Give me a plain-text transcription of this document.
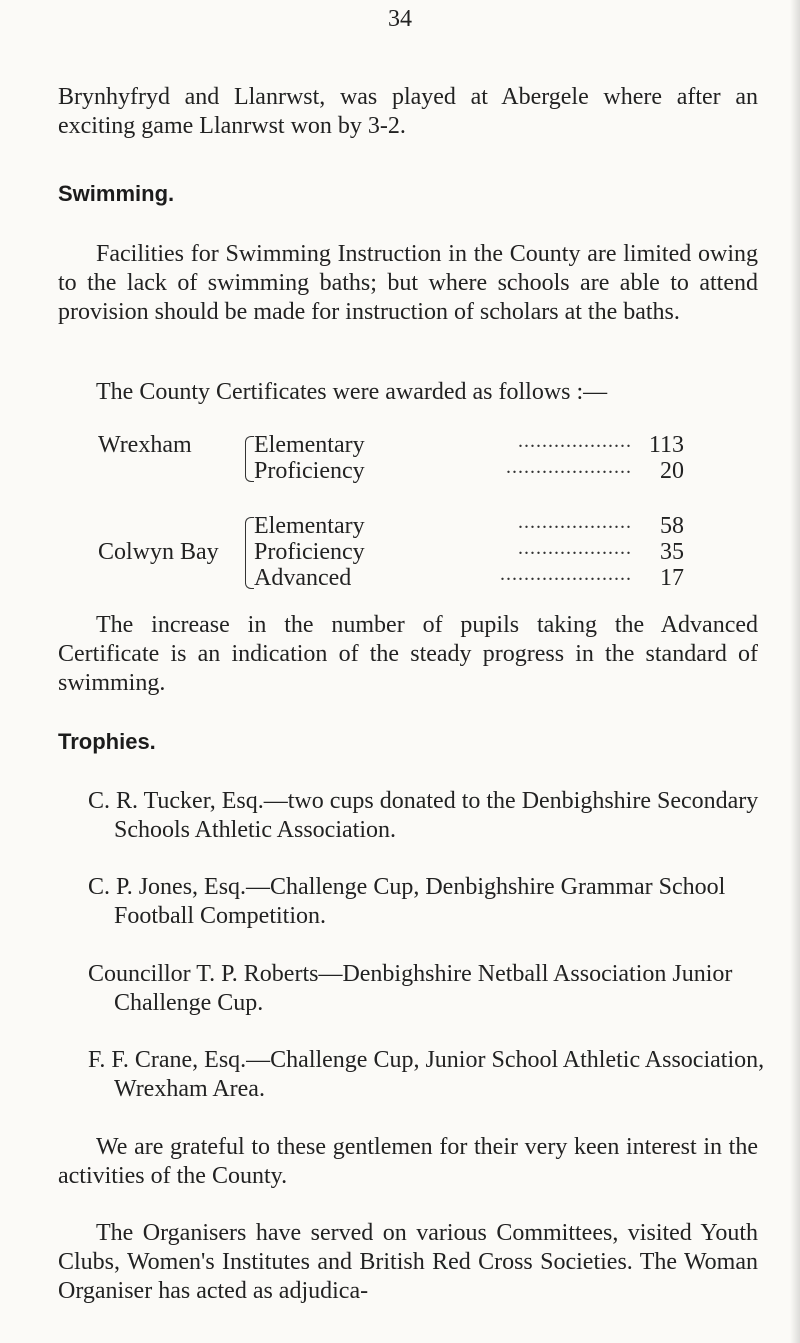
34

Brynhyfryd and Llanrwst, was played at Abergele where after an exciting game Llanrwst won by 3-2.

Swimming.

Facilities for Swimming Instruction in the County are limited owing to the lack of swimming baths; but where schools are able to attend provision should be made for instruction of scholars at the baths.

The County Certificates were awarded as follows :—

Wrexham	Elementary	................... 113
Proficiency	..................... 20
Colwyn Bay
Elementary	................... 58
Proficiency	................... 35
Advanced	...................... 17

The increase in the number of pupils taking the Advanced Certificate is an indication of the steady progress in the standard of swimming.

Trophies.

C. R. Tucker, Esq.—two cups donated to the Denbighshire Secondary Schools Athletic Association.

C. P. Jones, Esq.—Challenge Cup, Denbighshire Grammar School Football Competition.

Councillor T. P. Roberts—Denbighshire Netball Association Junior Challenge Cup.

F. F. Crane, Esq.—Challenge Cup, Junior School Athletic Association, Wrexham Area.

We are grateful to these gentlemen for their very keen interest in the activities of the County.

The Organisers have served on various Committees, visited Youth Clubs, Women's Institutes and British Red Cross Societies. The Woman Organiser has acted as adjudica-
